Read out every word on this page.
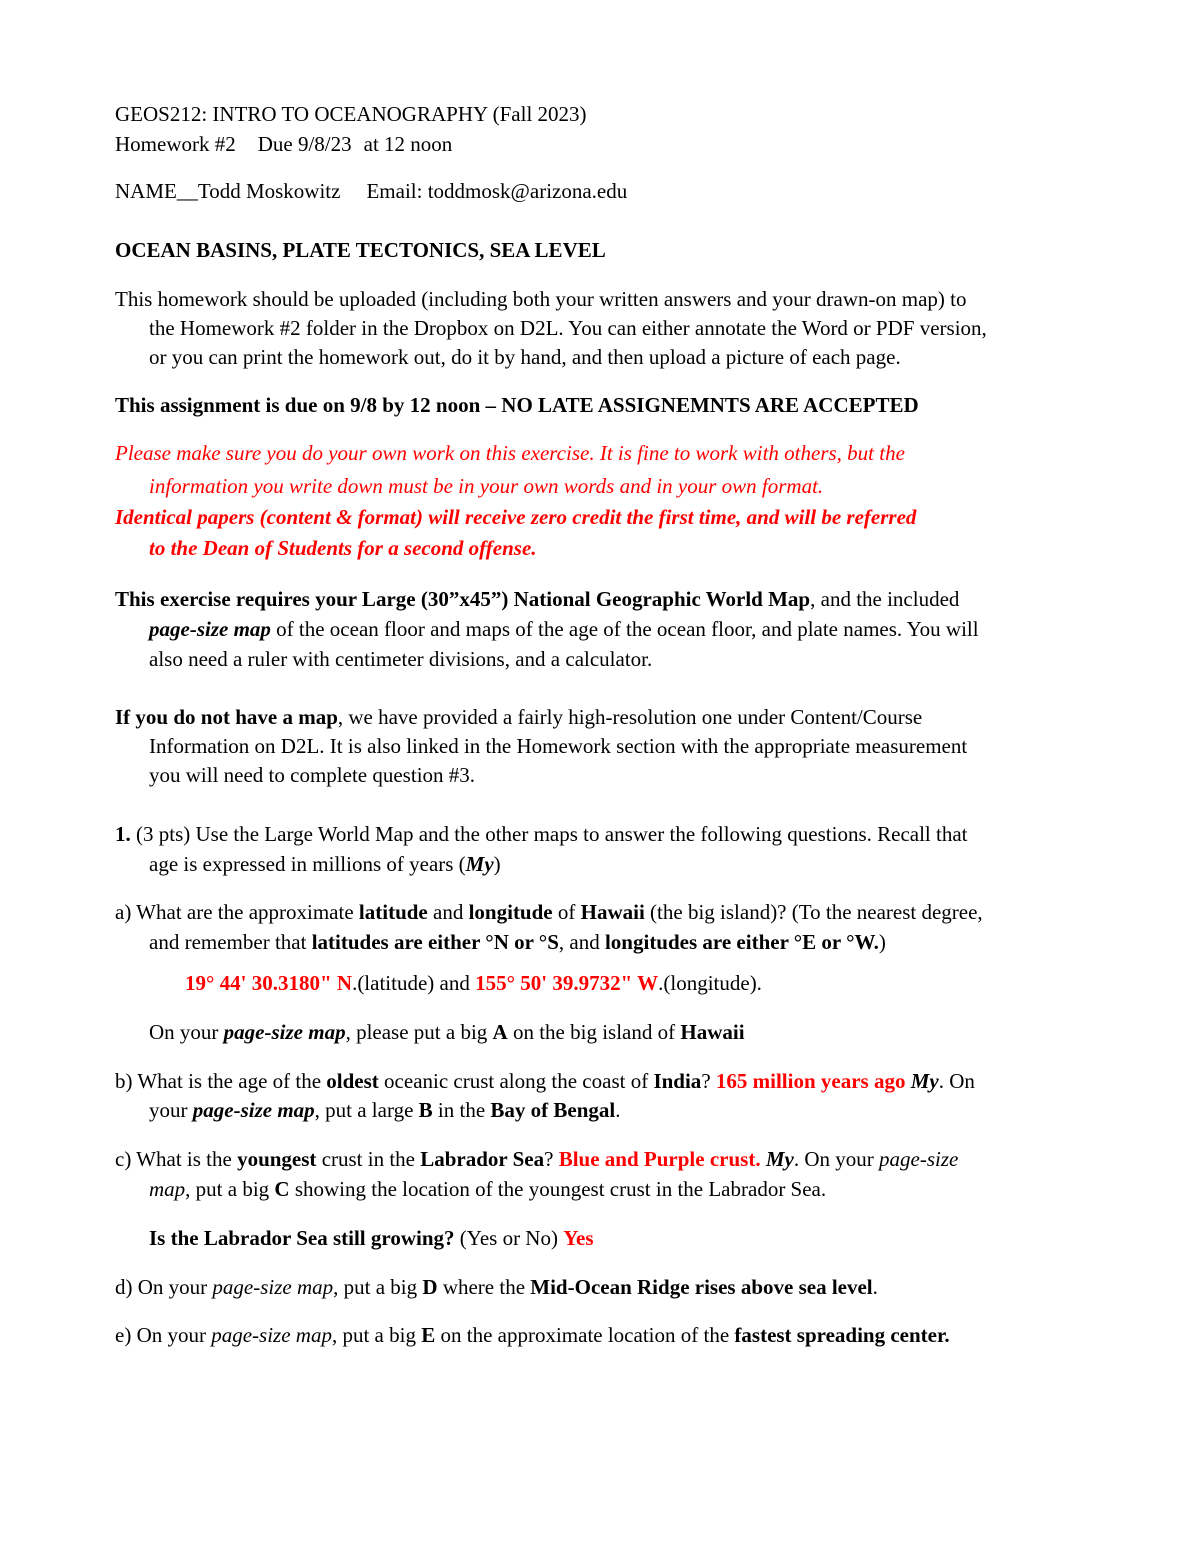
GEOS212: INTRO TO OCEANOGRAPHY (Fall 2023)
Homework #2 Due 9/8/23 at 12 noon
NAME__Todd Moskowitz Email: toddmosk@arizona.edu
OCEAN BASINS, PLATE TECTONICS, SEA LEVEL
This homework should be uploaded (including both your written answers and your drawn-on map) to
the Homework #2 folder in the Dropbox on D2L. You can either annotate the Word or PDF version,
or you can print the homework out, do it by hand, and then upload a picture of each page.
This assignment is due on 9/8 by 12 noon – NO LATE ASSIGNEMNTS ARE ACCEPTED
Please make sure you do your own work on this exercise. It is fine to work with others, but the
information you write down must be in your own words and in your own format.
Identical papers (content & format) will receive zero credit the first time, and will be referred
to the Dean of Students for a second offense.
This exercise requires your Large (30”x45”) National Geographic World Map, and the included
page-size map of the ocean floor and maps of the age of the ocean floor, and plate names. You will
also need a ruler with centimeter divisions, and a calculator.
If you do not have a map, we have provided a fairly high-resolution one under Content/Course
Information on D2L. It is also linked in the Homework section with the appropriate measurement
you will need to complete question #3.
1. (3 pts) Use the Large World Map and the other maps to answer the following questions. Recall that
age is expressed in millions of years (My)
a) What are the approximate latitude and longitude of Hawaii (the big island)? (To the nearest degree,
and remember that latitudes are either °N or °S, and longitudes are either °E or °W.)
19° 44' 30.3180" N.(latitude) and 155° 50' 39.9732" W.(longitude).
On your page-size map, please put a big A on the big island of Hawaii
b) What is the age of the oldest oceanic crust along the coast of India? 165 million years ago My. On
your page-size map, put a large B in the Bay of Bengal.
c) What is the youngest crust in the Labrador Sea? Blue and Purple crust. My. On your page-size
map, put a big C showing the location of the youngest crust in the Labrador Sea.
Is the Labrador Sea still growing? (Yes or No) Yes
d) On your page-size map, put a big D where the Mid-Ocean Ridge rises above sea level.
e) On your page-size map, put a big E on the approximate location of the fastest spreading center.
